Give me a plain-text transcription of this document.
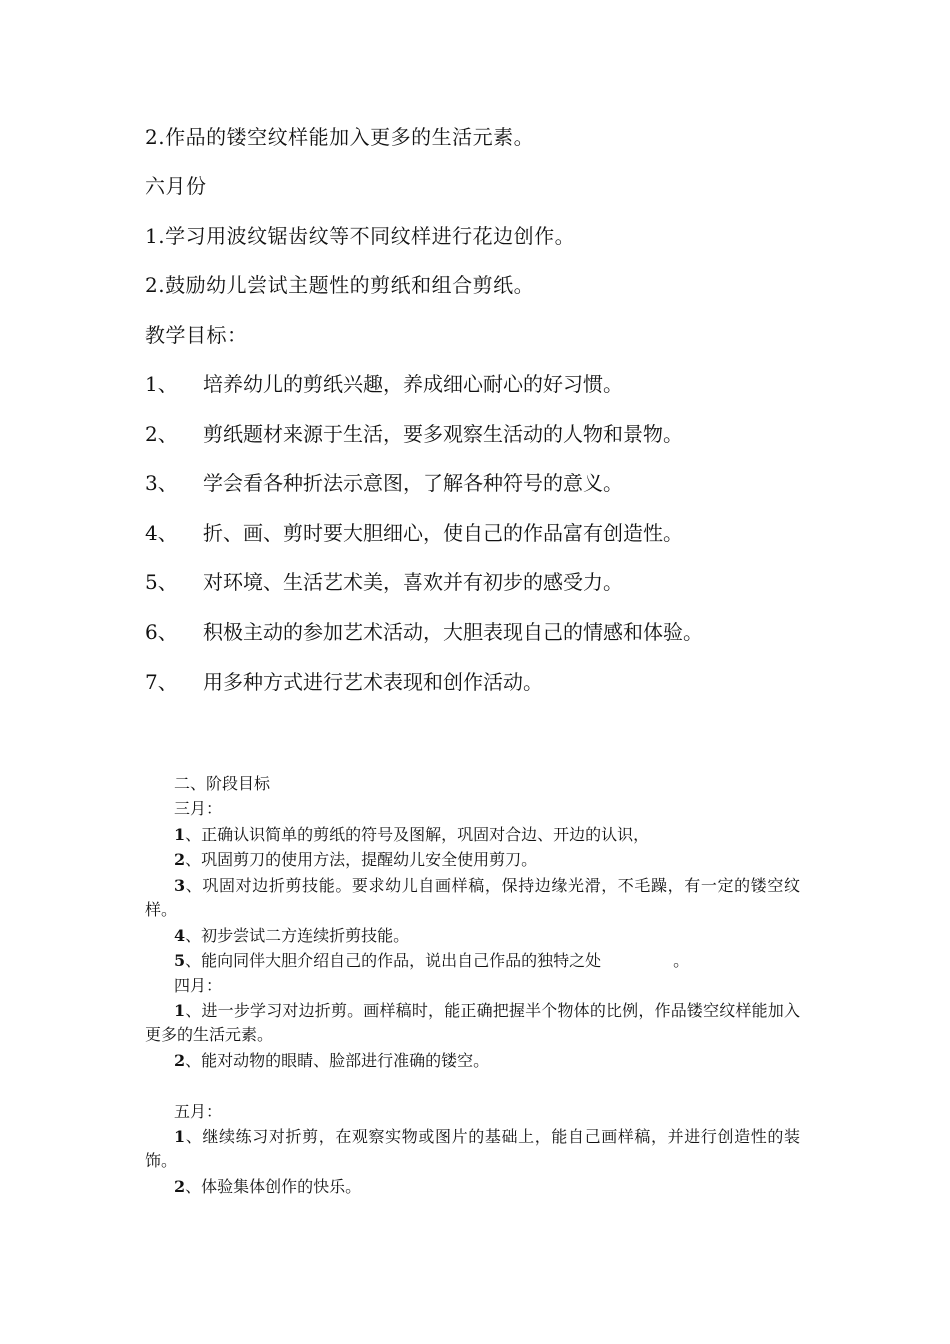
2.作品的镂空纹样能加入更多的生活元素。
六月份
1.学习用波纹锯齿纹等不同纹样进行花边创作。
2.鼓励幼儿尝试主题性的剪纸和组合剪纸。
教学目标：
1、 培养幼儿的剪纸兴趣，养成细心耐心的好习惯。
2、 剪纸题材来源于生活，要多观察生活动的人物和景物。
3、 学会看各种折法示意图，了解各种符号的意义。
4、 折、画、剪时要大胆细心，使自己的作品富有创造性。
5、 对环境、生活艺术美，喜欢并有初步的感受力。
6、 积极主动的参加艺术活动，大胆表现自己的情感和体验。
7、 用多种方式进行艺术表现和创作活动。
二、阶段目标
三月：
1、正确认识简单的剪纸的符号及图解，巩固对合边、开边的认识，
2、巩固剪刀的使用方法，提醒幼儿安全使用剪刀。
3、巩固对边折剪技能。要求幼儿自画样稿，保持边缘光滑，不毛躁，有一定的镂空纹样。
4、初步尝试二方连续折剪技能。
5、能向同伴大胆介绍自己的作品，说出自己作品的独特之处	。
四月：
1、进一步学习对边折剪。画样稿时，能正确把握半个物体的比例，作品镂空纹样能加入更多的生活元素。
2、能对动物的眼睛、脸部进行准确的镂空。
五月：
1、继续练习对折剪，在观察实物或图片的基础上，能自己画样稿，并进行创造性的装饰。
2、体验集体创作的快乐。
